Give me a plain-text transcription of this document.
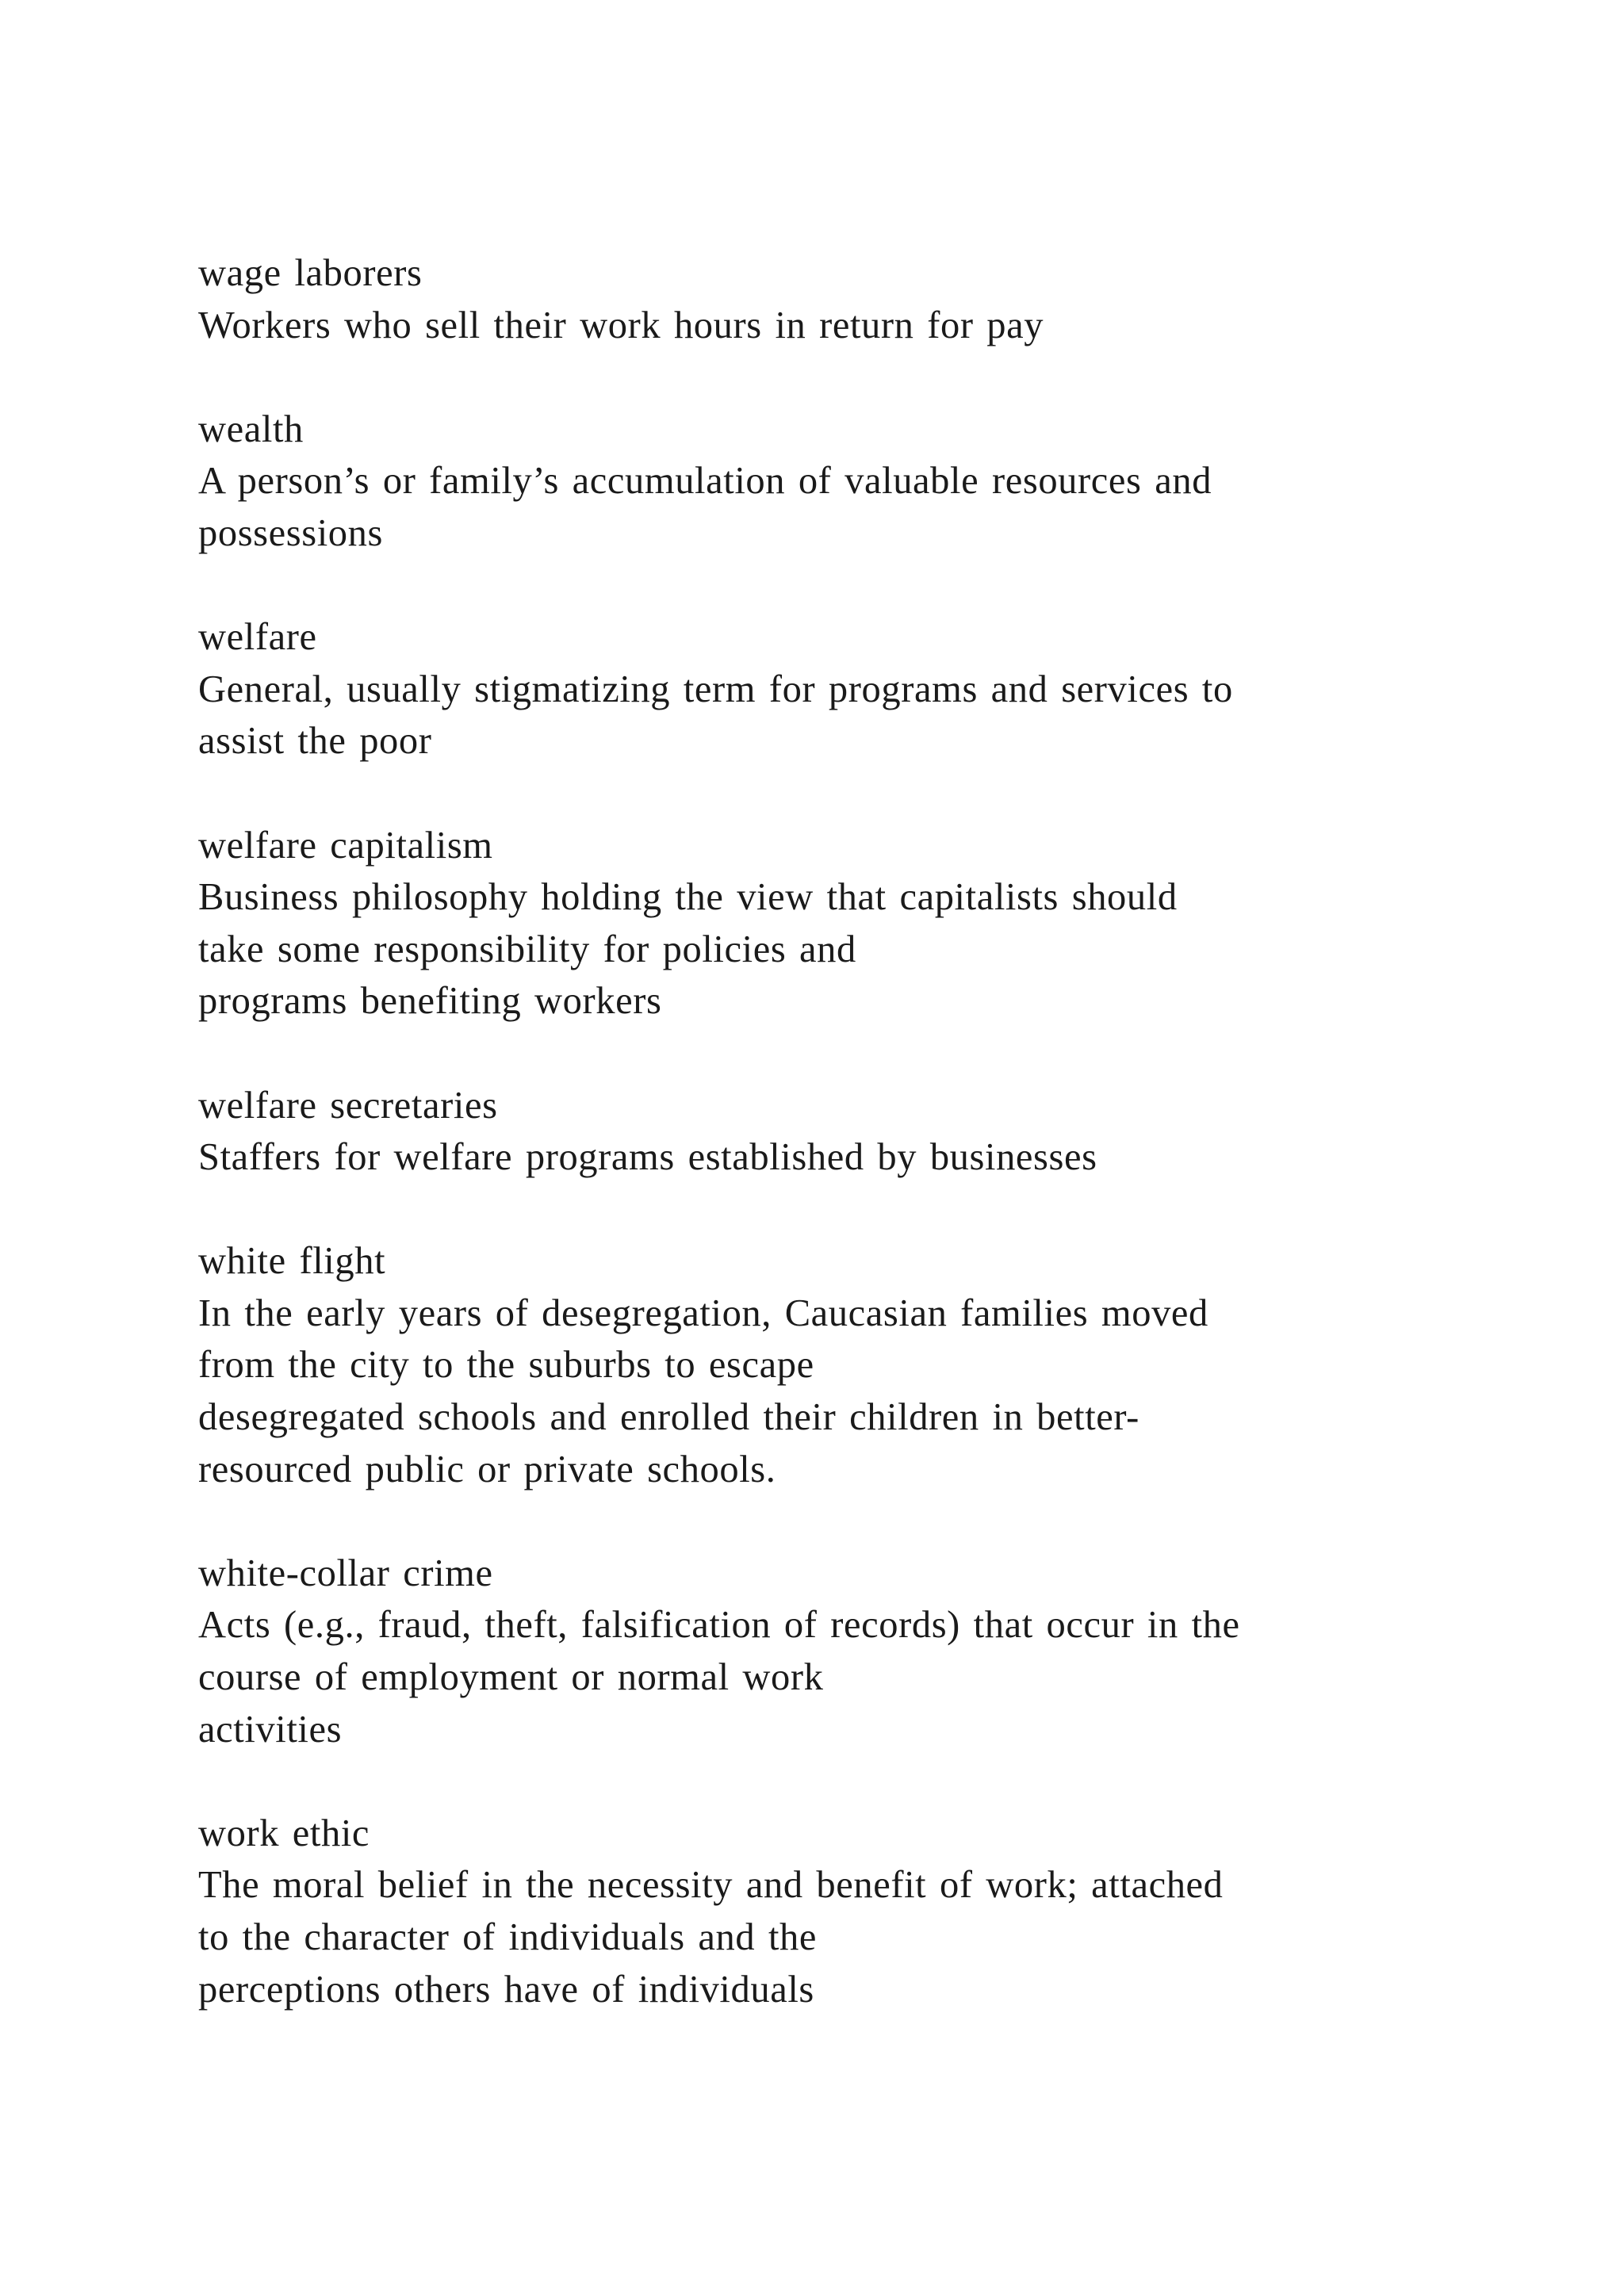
wage laborers
Workers who sell their work hours in return for pay
wealth
A person’s or family’s accumulation of valuable resources and
possessions
welfare
General, usually stigmatizing term for programs and services to
assist the poor
welfare capitalism
Business philosophy holding the view that capitalists should
take some responsibility for policies and
programs benefiting workers
welfare secretaries
Staffers for welfare programs established by businesses
white flight
In the early years of desegregation, Caucasian families moved
from the city to the suburbs to escape
desegregated schools and enrolled their children in better-
resourced public or private schools.
white-collar crime
Acts (e.g., fraud, theft, falsification of records) that occur in the
course of employment or normal work
activities
work ethic
The moral belief in the necessity and benefit of work; attached
to the character of individuals and the
perceptions others have of individuals
